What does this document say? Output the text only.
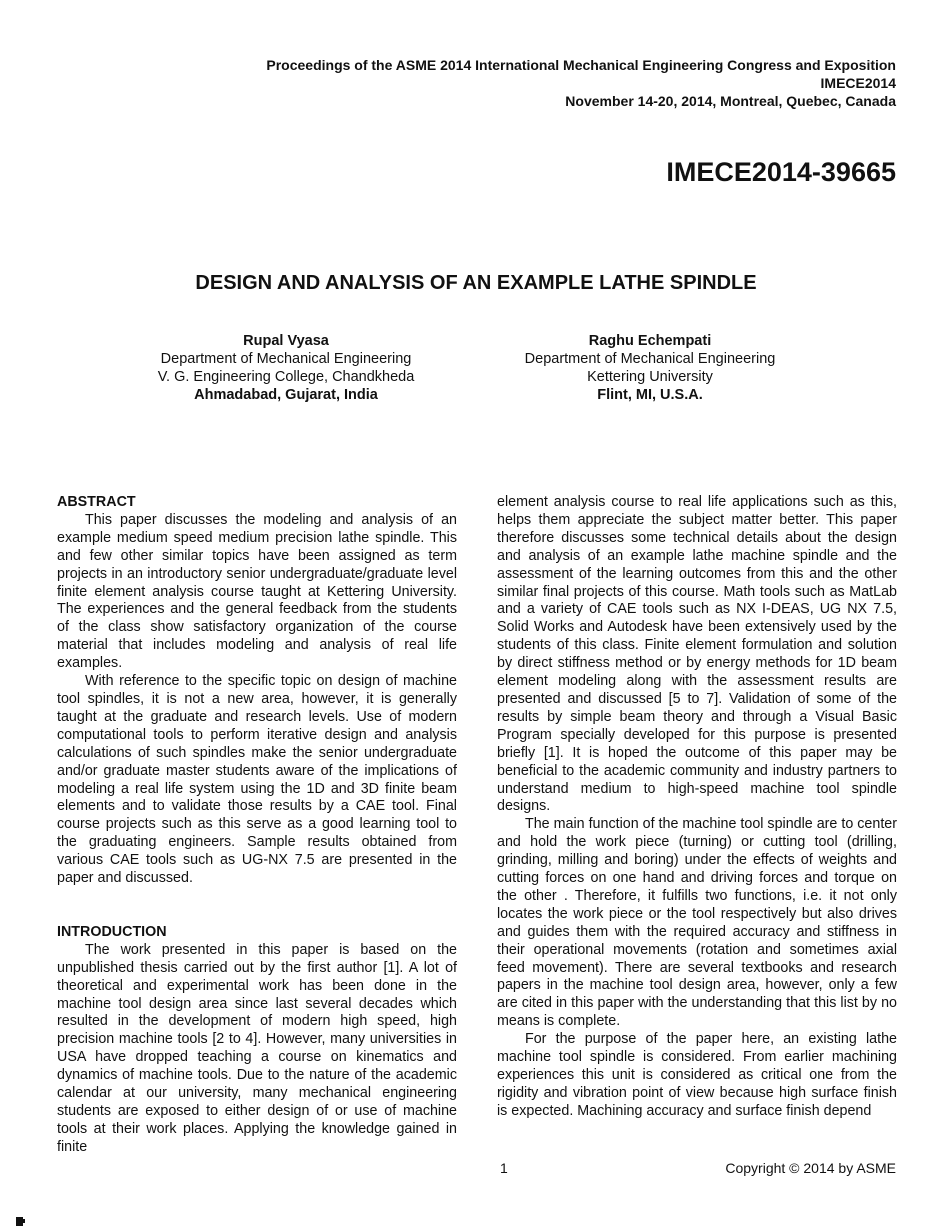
Proceedings of the ASME 2014 International Mechanical Engineering Congress and Exposition
IMECE2014
November 14-20, 2014, Montreal, Quebec, Canada
IMECE2014-39665
DESIGN AND ANALYSIS OF AN EXAMPLE LATHE SPINDLE
Rupal Vyasa
Department of Mechanical Engineering
V. G. Engineering College, Chandkheda
Ahmadabad, Gujarat, India
Raghu Echempati
Department of Mechanical Engineering
Kettering University
Flint, MI, U.S.A.
ABSTRACT

This paper discusses the modeling and analysis of an example medium speed medium precision lathe spindle. This and few other similar topics have been assigned as term projects in an introductory senior undergraduate/graduate level finite element analysis course taught at Kettering University. The experiences and the general feedback from the students of the class show satisfactory organization of the course material that includes modeling and analysis of real life examples.

With reference to the specific topic on design of machine tool spindles, it is not a new area, however, it is generally taught at the graduate and research levels. Use of modern computational tools to perform iterative design and analysis calculations of such spindles make the senior undergraduate and/or graduate master students aware of the implications of modeling a real life system using the 1D and 3D finite beam elements and to validate those results by a CAE tool. Final course projects such as this serve as a good learning tool to the graduating engineers. Sample results obtained from various CAE tools such as UG-NX 7.5 are presented in the paper and discussed.

INTRODUCTION

The work presented in this paper is based on the unpublished thesis carried out by the first author [1]. A lot of theoretical and experimental work has been done in the machine tool design area since last several decades which resulted in the development of modern high speed, high precision machine tools [2 to 4]. However, many universities in USA have dropped teaching a course on kinematics and dynamics of machine tools. Due to the nature of the academic calendar at our university, many mechanical engineering students are exposed to either design of or use of machine tools at their work places. Applying the knowledge gained in finite

element analysis course to real life applications such as this, helps them appreciate the subject matter better. This paper therefore discusses some technical details about the design and analysis of an example lathe machine spindle and the assessment of the learning outcomes from this and the other similar final projects of this course. Math tools such as MatLab and a variety of CAE tools such as NX I-DEAS, UG NX 7.5, Solid Works and Autodesk have been extensively used by the students of this class. Finite element formulation and solution by direct stiffness method or by energy methods for 1D beam element modeling along with the assessment results are presented and discussed [5 to 7]. Validation of some of the results by simple beam theory and through a Visual Basic Program specially developed for this purpose is presented briefly [1]. It is hoped the outcome of this paper may be beneficial to the academic community and industry partners to understand medium to high-speed machine tool spindle designs.

The main function of the machine tool spindle are to center and hold the work piece (turning) or cutting tool (drilling, grinding, milling and boring) under the effects of weights and cutting forces on one hand and driving forces and torque on the other . Therefore, it fulfills two functions, i.e. it not only locates the work piece or the tool respectively but also drives and guides them with the required accuracy and stiffness in their operational movements (rotation and sometimes axial feed movement). There are several textbooks and research papers in the machine tool design area, however, only a few are cited in this paper with the understanding that this list by no means is complete.

For the purpose of the paper here, an existing lathe machine tool spindle is considered. From earlier machining experiences this unit is considered as critical one from the rigidity and vibration point of view because high surface finish is expected. Machining accuracy and surface finish depend

1	Copyright © 2014 by ASME
